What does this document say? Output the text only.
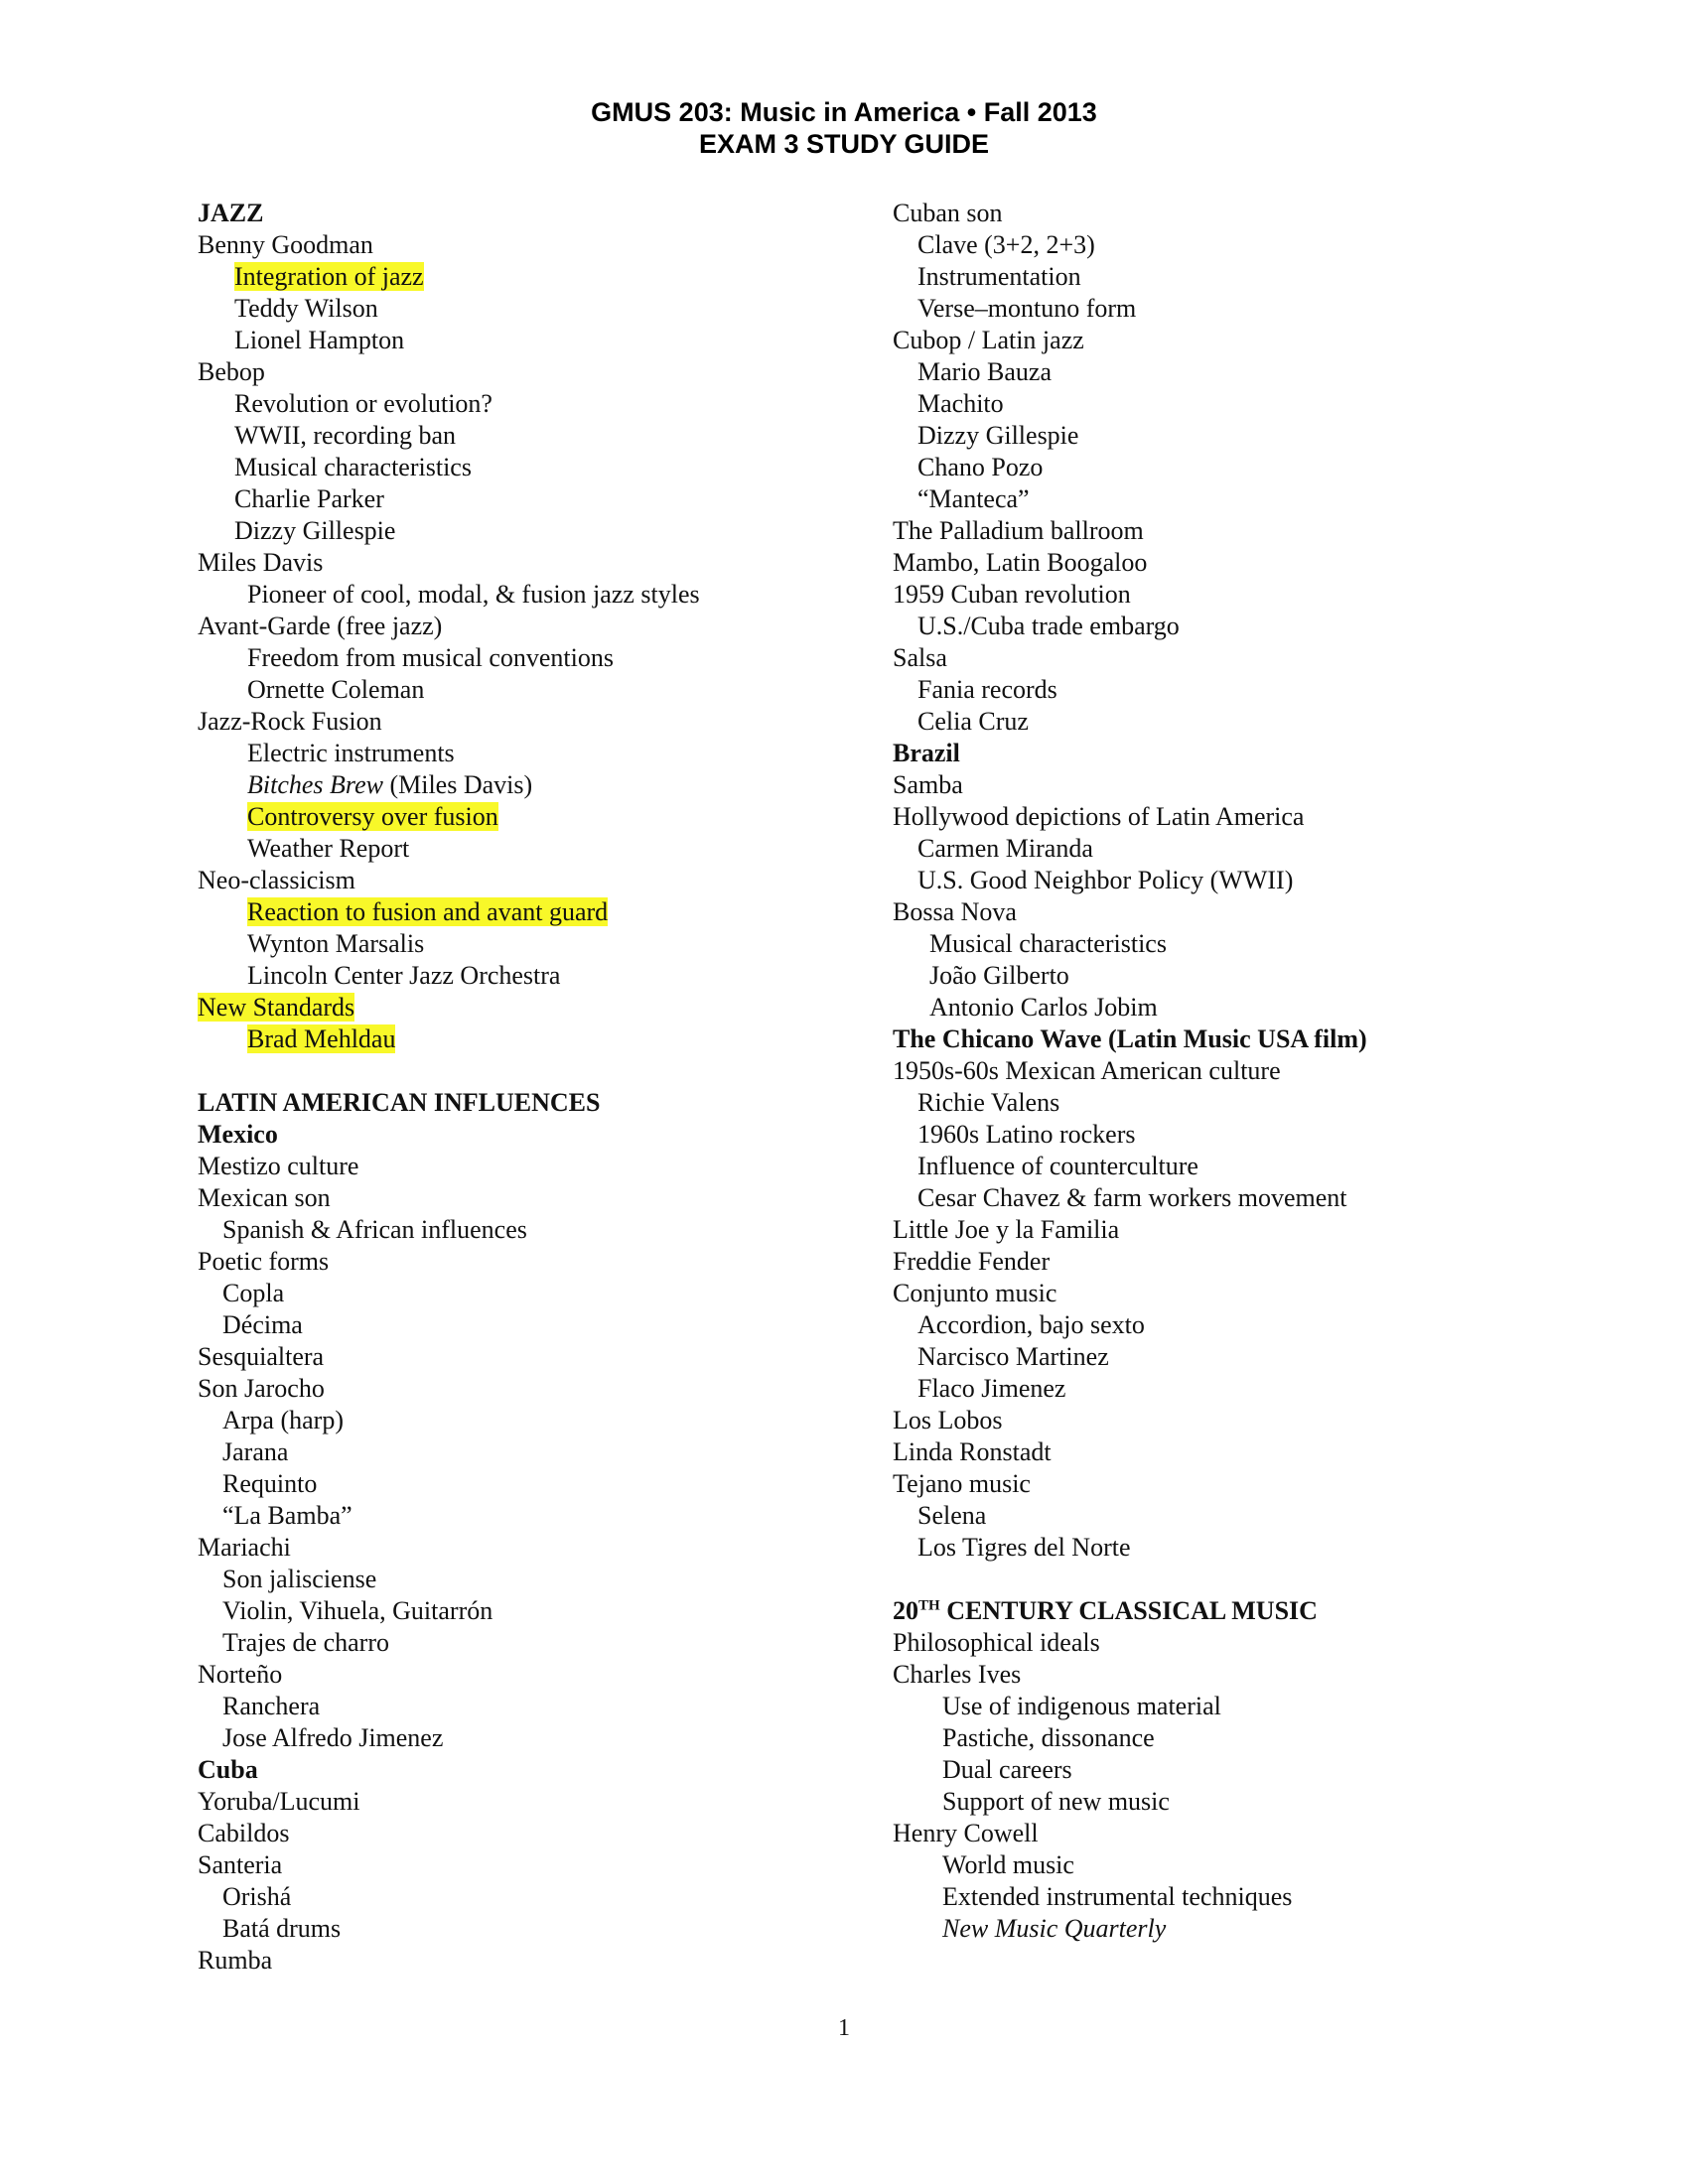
GMUS 203: Music in America • Fall 2013
EXAM 3 STUDY GUIDE
JAZZ
Benny Goodman
Integration of jazz
Teddy Wilson
Lionel Hampton
Bebop
Revolution or evolution?
WWII, recording ban
Musical characteristics
Charlie Parker
Dizzy Gillespie
Miles Davis
Pioneer of cool, modal, & fusion jazz styles
Avant-Garde (free jazz)
Freedom from musical conventions
Ornette Coleman
Jazz-Rock Fusion
Electric instruments
Bitches Brew (Miles Davis)
Controversy over fusion
Weather Report
Neo-classicism
Reaction to fusion and avant guard
Wynton Marsalis
Lincoln Center Jazz Orchestra
New Standards
Brad Mehldau
LATIN AMERICAN INFLUENCES
Mexico
Mestizo culture
Mexican son
Spanish & African influences
Poetic forms
Copla
Décima
Sesquialtera
Son Jarocho
Arpa (harp)
Jarana
Requinto
“La Bamba”
Mariachi
Son jalisciense
Violin, Vihuela, Guitarrón
Trajes de charro
Norteño
Ranchera
Jose Alfredo Jimenez
Cuba
Yoruba/Lucumi
Cabildos
Santeria
Orishá
Batá drums
Rumba
Cuban son
Clave (3+2, 2+3)
Instrumentation
Verse–montuno form
Cubop / Latin jazz
Mario Bauza
Machito
Dizzy Gillespie
Chano Pozo
“Manteca”
The Palladium ballroom
Mambo, Latin Boogaloo
1959 Cuban revolution
U.S./Cuba trade embargo
Salsa
Fania records
Celia Cruz
Brazil
Samba
Hollywood depictions of Latin America
Carmen Miranda
U.S. Good Neighbor Policy (WWII)
Bossa Nova
Musical characteristics
João Gilberto
Antonio Carlos Jobim
The Chicano Wave (Latin Music USA film)
1950s-60s Mexican American culture
Richie Valens
1960s Latino rockers
Influence of counterculture
Cesar Chavez & farm workers movement
Little Joe y la Familia
Freddie Fender
Conjunto music
Accordion, bajo sexto
Narcisco Martinez
Flaco Jimenez
Los Lobos
Linda Ronstadt
Tejano music
Selena
Los Tigres del Norte
20TH CENTURY CLASSICAL MUSIC
Philosophical ideals
Charles Ives
Use of indigenous material
Pastiche, dissonance
Dual careers
Support of new music
Henry Cowell
World music
Extended instrumental techniques
New Music Quarterly
1
